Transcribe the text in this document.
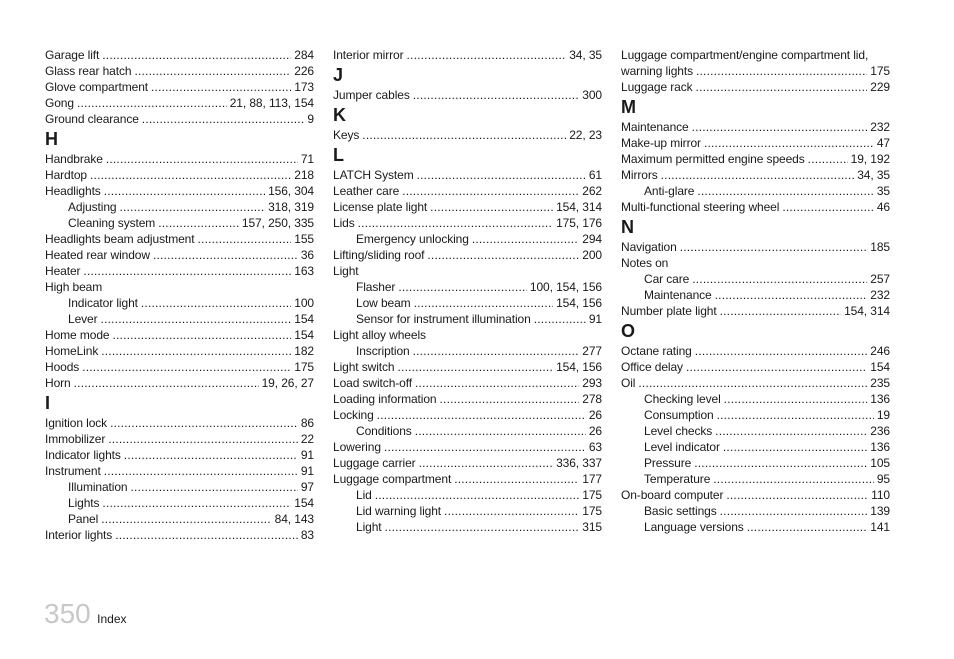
Garage lift .....	284
Glass rear hatch .....	226
Glove compartment .....	173
Gong .....	21, 88, 113, 154
Ground clearance .....	9
H
Handbrake .....	71
Hardtop .....	218
Headlights .....	156, 304
Adjusting .....	318, 319
Cleaning system .....	157, 250, 335
Headlights beam adjustment .....	155
Heated rear window .....	36
Heater .....	163
High beam
Indicator light .....	100
Lever .....	154
Home mode .....	154
HomeLink .....	182
Hoods .....	175
Horn .....	19, 26, 27
I
Ignition lock .....	86
Immobilizer .....	22
Indicator lights .....	91
Instrument .....	91
Illumination .....	97
Lights .....	154
Panel .....	84, 143
Interior lights .....	83
Interior mirror .....	34, 35
J
Jumper cables .....	300
K
Keys .....	22, 23
L
LATCH System .....	61
Leather care .....	262
License plate light .....	154, 314
Lids .....	175, 176
Emergency unlocking .....	294
Lifting/sliding roof .....	200
Light
Flasher .....	100, 154, 156
Low beam .....	154, 156
Sensor for instrument illumination .....	91
Light alloy wheels
Inscription .....	277
Light switch .....	154, 156
Load switch-off .....	293
Loading information .....	278
Locking .....	26
Conditions .....	26
Lowering .....	63
Luggage carrier .....	336, 337
Luggage compartment .....	177
Lid .....	175
Lid warning light .....	175
Light .....	315
Luggage compartment/engine compartment lid,
warning lights .....	175
Luggage rack .....	229
M
Maintenance .....	232
Make-up mirror .....	47
Maximum permitted engine speeds .....	19, 192
Mirrors .....	34, 35
Anti-glare .....	35
Multi-functional steering wheel .....	46
N
Navigation .....	185
Notes on
Car care .....	257
Maintenance .....	232
Number plate light .....	154, 314
O
Octane rating .....	246
Office delay .....	154
Oil .....	235
Checking level .....	136
Consumption .....	19
Level checks .....	236
Level indicator .....	136
Pressure .....	105
Temperature .....	95
On-board computer .....	110
Basic settings .....	139
Language versions .....	141
350 Index
